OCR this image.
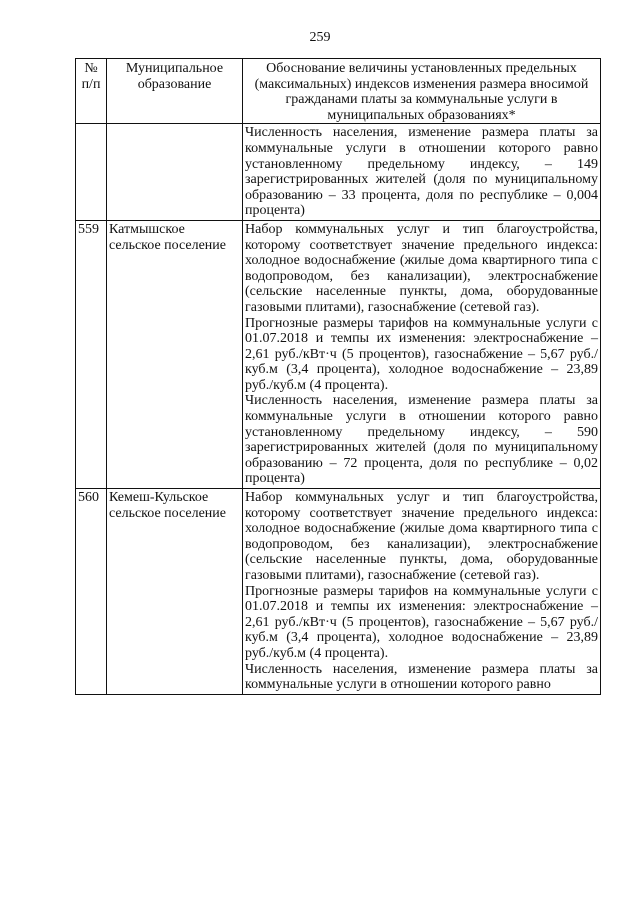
259
№ п/п	Муниципальное образование	Обоснование величины установленных предельных (максимальных) индексов изменения размера вносимой гражданами платы за коммунальные услуги в муниципальных образованиях*

		Численность населения, изменение размера платы за коммунальные услуги в отношении которого равно установленному предельному индексу, – 149 зарегистрированных жителей (доля по муниципальному образованию – 33 процента, доля по республике – 0,004 процента)

559	Катмышское сельское поселение	Набор коммунальных услуг и тип благоустройства, которому соответствует значение предельного индекса: холодное водоснабжение (жилые дома квартирного типа с водопроводом, без канализации), электроснабжение (сельские населенные пункты, дома, оборудованные газовыми плитами), газоснабжение (сетевой газ).
Прогнозные размеры тарифов на коммунальные услуги с 01.07.2018 и темпы их изменения: электроснабжение – 2,61 руб./кВт·ч (5 процентов), газоснабжение – 5,67 руб./куб.м (3,4 процента), холодное водоснабжение – 23,89 руб./куб.м (4 процента).
Численность населения, изменение размера платы за коммунальные услуги в отношении которого равно установленному предельному индексу, – 590 зарегистрированных жителей (доля по муниципальному образованию – 72 процента, доля по республике – 0,02 процента)

560	Кемеш-Кульское сельское поселение	Набор коммунальных услуг и тип благоустройства, которому соответствует значение предельного индекса: холодное водоснабжение (жилые дома квартирного типа с водопроводом, без канализации), электроснабжение (сельские населенные пункты, дома, оборудованные газовыми плитами), газоснабжение (сетевой газ).
Прогнозные размеры тарифов на коммунальные услуги с 01.07.2018 и темпы их изменения: электроснабжение – 2,61 руб./кВт·ч (5 процентов), газоснабжение – 5,67 руб./куб.м (3,4 процента), холодное водоснабжение – 23,89 руб./куб.м (4 процента).
Численность населения, изменение размера платы за коммунальные услуги в отношении которого равно
